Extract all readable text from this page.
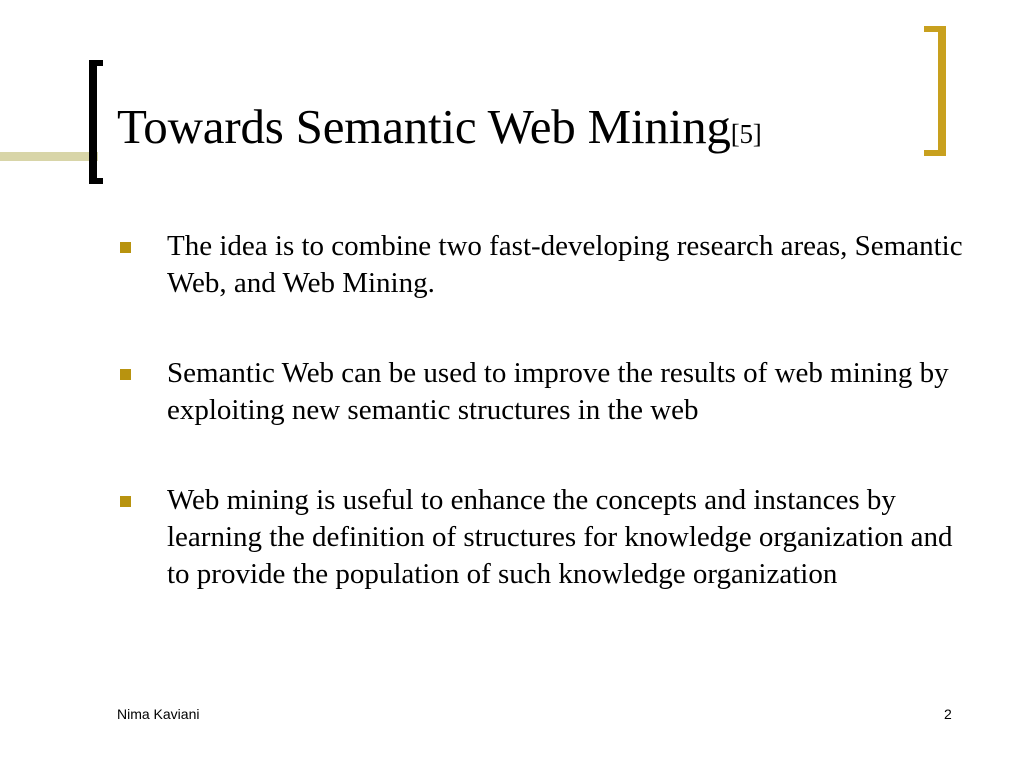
Towards Semantic Web Mining[5]
The idea is to combine two fast-developing research areas, Semantic Web, and Web Mining.
Semantic Web can be used to improve the results of web mining by exploiting new semantic structures in the web
Web mining is useful to enhance the concepts and instances by learning the definition of structures for knowledge organization and to provide the population of such knowledge organization
Nima Kaviani	2
